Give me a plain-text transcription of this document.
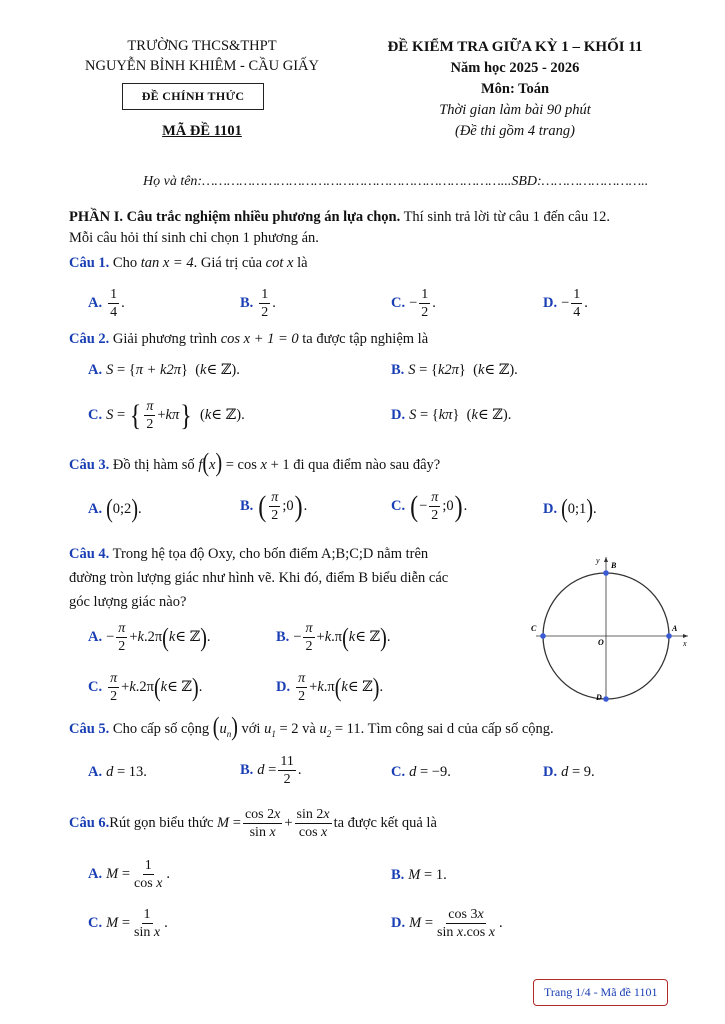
TRƯỜNG THCS&THPT
NGUYỄN BỈNH KHIÊM - CẦU GIẤY
ĐỀ CHÍNH THỨC
MÃ ĐỀ 1101
ĐỀ KIỂM TRA GIỮA KỲ 1 – KHỐI 11
Năm học 2025 - 2026
Môn: Toán
Thời gian làm bài 90 phút
(Đề thi gồm 4 trang)
Họ và tên:………………………………………………………………...SBD:……………………..
PHẦN I. Câu trắc nghiệm nhiều phương án lựa chọn. Thí sinh trả lời từ câu 1 đến câu 12.
Mỗi câu hỏi thí sinh chỉ chọn 1 phương án.
Câu 1. Cho tan x = 4. Giá trị của cot x là
A. $\frac{1}{4}$ .	B. $\frac{1}{2}$ .	C. − $\frac{1}{2}$ .	D. − $\frac{1}{4}$ .
Câu 2. Giải phương trình cos x + 1 = 0 ta được tập nghiệm là
A. S = { π + k2π }  ( k ∈ ℤ).	B. S = { k2π }  ( k ∈ ℤ).
C. S = { $\frac{\pi}{2} + k\pi$ } ( k ∈ ℤ).	D. S = { kπ }  ( k ∈ ℤ).
Câu 3. Đồ thị hàm số f(x) = cos x + 1 đi qua điểm nào sau đây?
A. ( 0;2 ) .	B. ( $\frac{\pi}{2}$ ;0 ) .	C. ( − $\frac{\pi}{2}$ ;0 ) .	D. ( 0;1 ) .
Câu 4. Trong hệ tọa độ Oxy, cho bốn điểm A;B;C;D nằm trên
đường tròn lượng giác như hình vẽ. Khi đó, điểm B biểu diễn các
góc lượng giác nào?
y
x
B
A
C
D
O
A. − $\frac{\pi}{2} + k$ .2π ( k ∈ ℤ ) .	B. − $\frac{\pi}{2} + k$ .π ( k ∈ ℤ ) .
C. $\frac{\pi}{2} + k$ .2π ( k ∈ ℤ ) .	D. $\frac{\pi}{2} + k$ .π ( k ∈ ℤ ) .
Câu 5. Cho cấp số cộng $(u_n)$ với $u_1 = 2$ và $u_2 = 11$. Tìm công sai d của cấp số cộng.
A. d = 13.	B. $d = \frac{11}{2}$ .	C. d = −9.	D. d = 9.
Câu 6. Rút gọn biểu thức
$M = \frac{\cos 2x}{\text{sin x}} + \frac{\sin 2x}{\text{cos x}}$ ta được kết quả là
A. $M = \frac{1}{\text{cos x}}$ .	B. M = 1.
C. $M = \frac{1}{\text{sin x}}$ .	D. $M = \frac{\cos 3x}{\text{sin x.cos x}}$ .
Trang 1/4 - Mã đề 1101
